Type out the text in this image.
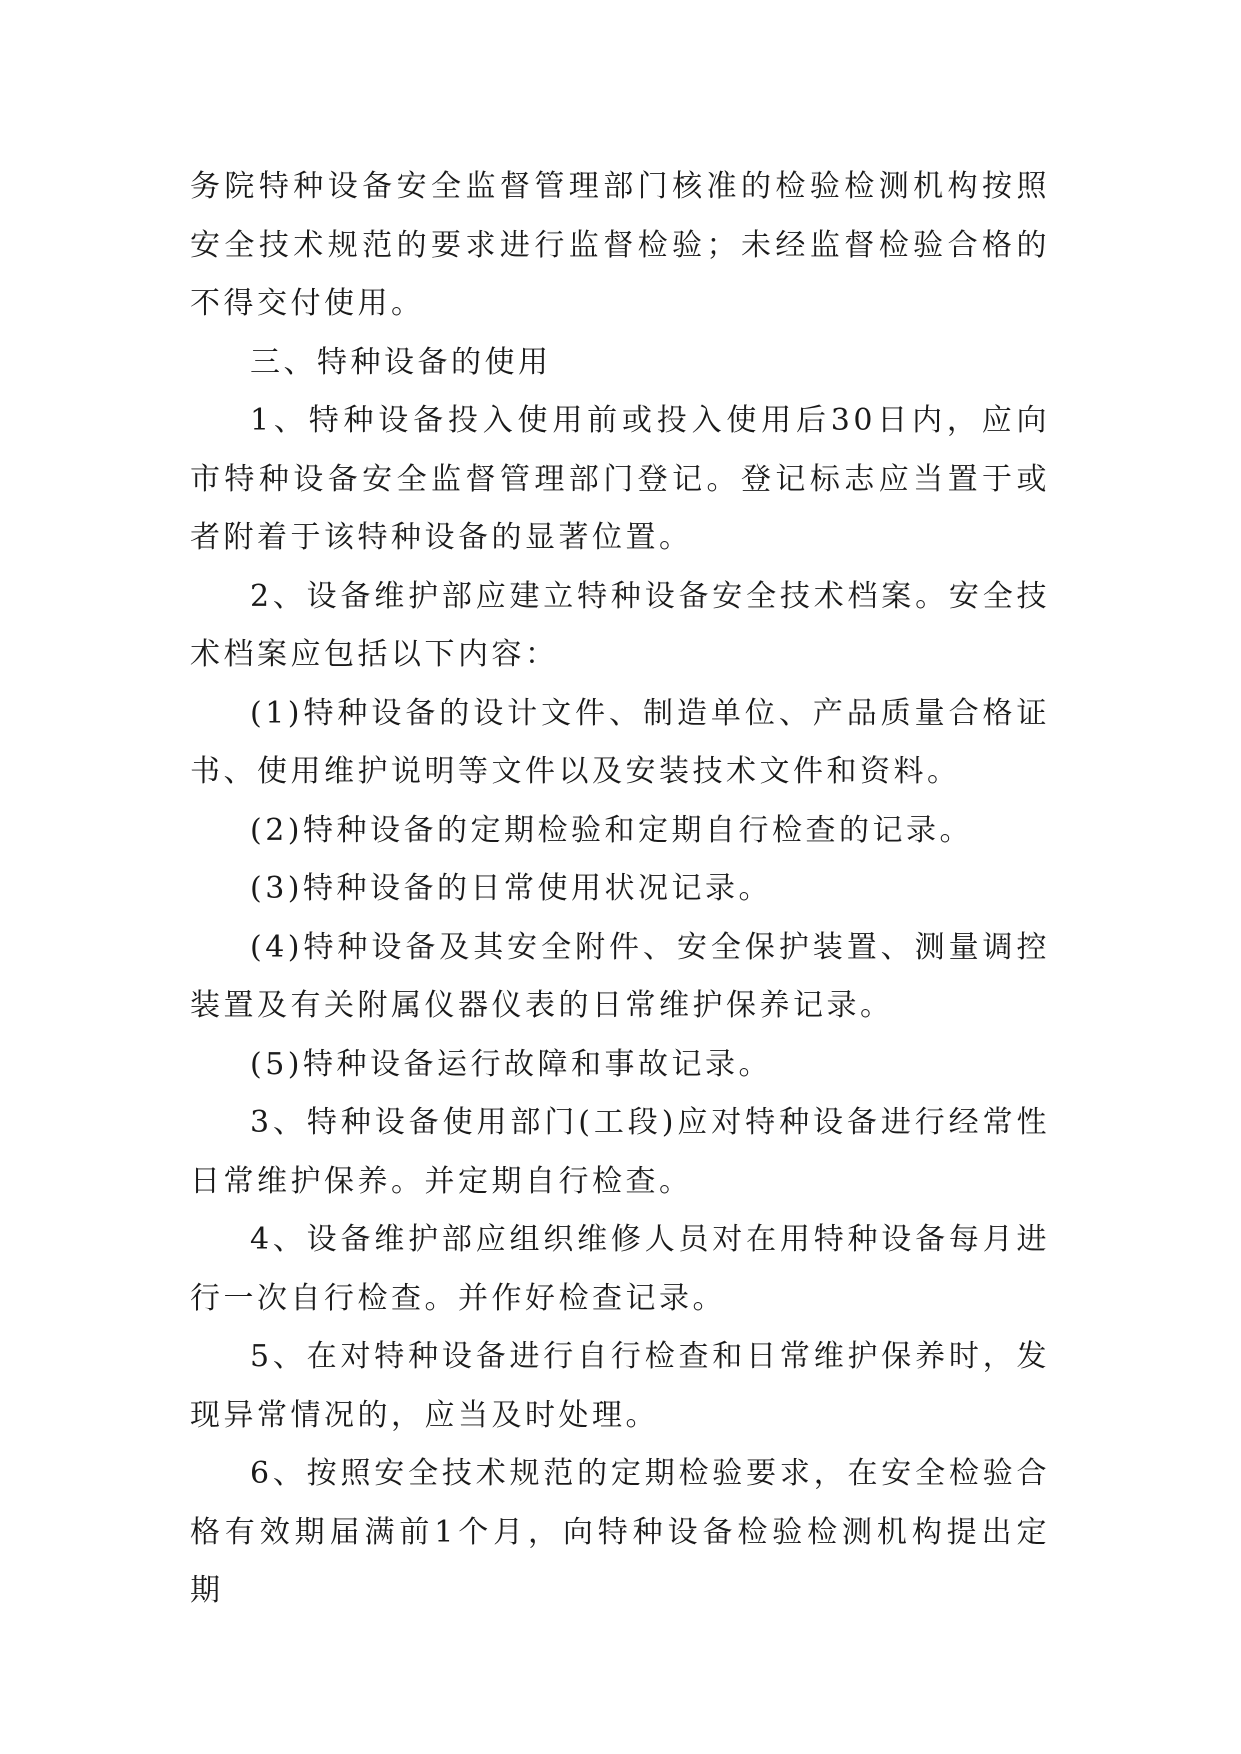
务院特种设备安全监督管理部门核准的检验检测机构按照安全技术规范的要求进行监督检验；未经监督检验合格的不得交付使用。

三、特种设备的使用

1、特种设备投入使用前或投入使用后30日内，应向市特种设备安全监督管理部门登记。登记标志应当置于或者附着于该特种设备的显著位置。

2、设备维护部应建立特种设备安全技术档案。安全技术档案应包括以下内容：

(1)特种设备的设计文件、制造单位、产品质量合格证书、使用维护说明等文件以及安装技术文件和资料。

(2)特种设备的定期检验和定期自行检查的记录。

(3)特种设备的日常使用状况记录。

(4)特种设备及其安全附件、安全保护装置、测量调控装置及有关附属仪器仪表的日常维护保养记录。

(5)特种设备运行故障和事故记录。

3、特种设备使用部门(工段)应对特种设备进行经常性日常维护保养。并定期自行检查。

4、设备维护部应组织维修人员对在用特种设备每月进行一次自行检查。并作好检查记录。

5、在对特种设备进行自行检查和日常维护保养时，发现异常情况的，应当及时处理。

6、按照安全技术规范的定期检验要求，在安全检验合格有效期届满前1个月，向特种设备检验检测机构提出定期
